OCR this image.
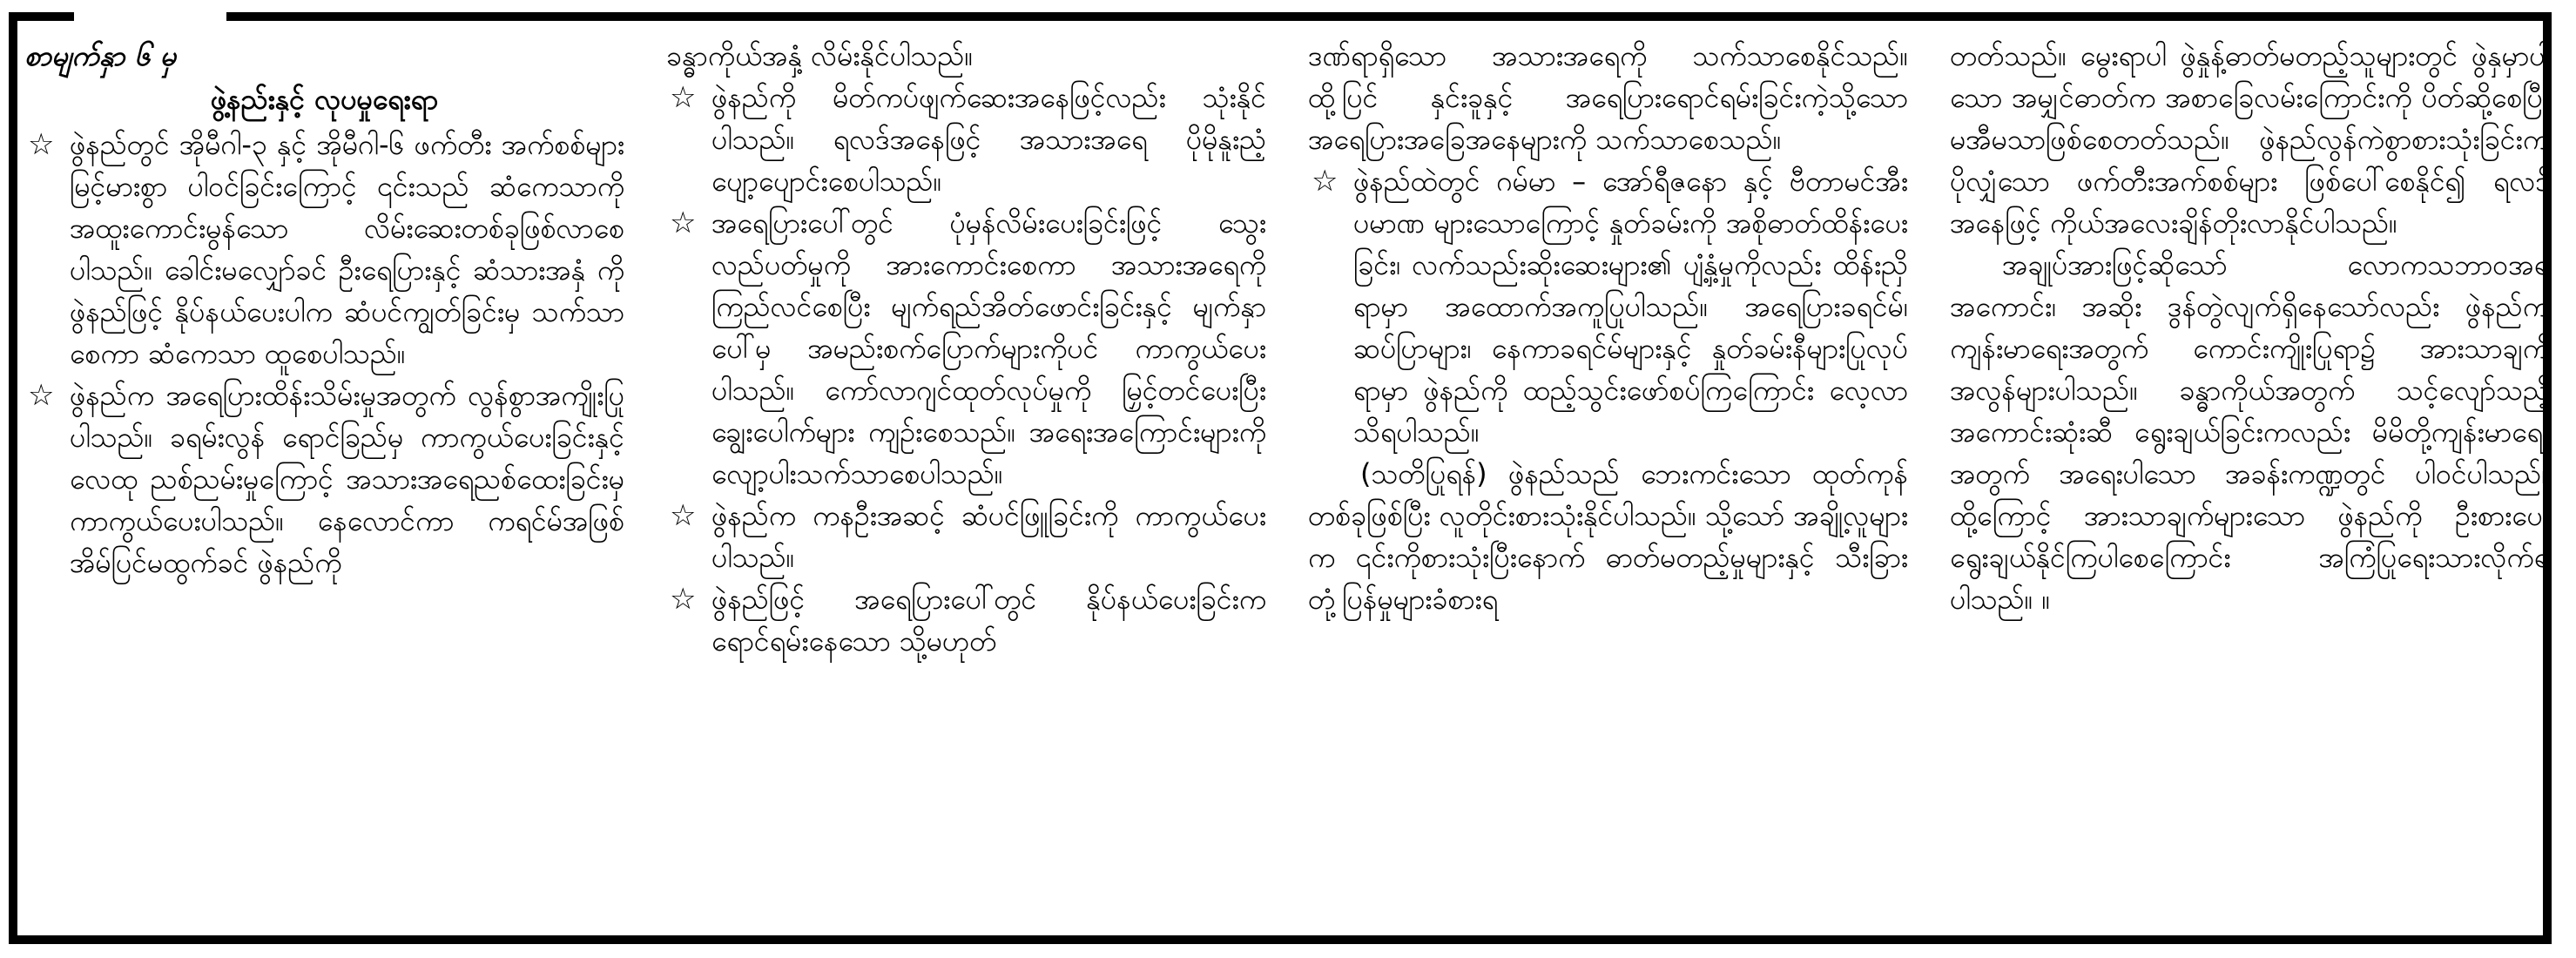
စာမျက်နှာ ၆ မှ
ဖွဲ့နည်းနှင့် လုပမှုရေးရာ
☆ ဖွဲနည်တွင် အိုမီဂါ-၃ နှင့် အိုမီဂါ-၆ ဖက်တီး အက်စစ်များ မြင့်မားစွာ ပါဝင်ခြင်းကြောင့် ၎င်းသည် ဆံကေသာကို အထူးကောင်းမွန်သော လိမ်းဆေးတစ်ခုဖြစ်လာစေပါသည်။ ခေါင်းမလျှော်ခင် ဦးရေပြားနှင့် ဆံသားအနှံ ကို ဖွဲနည်ဖြင့် နိုပ်နယ်ပေးပါက ဆံပင်ကျွတ်ခြင်းမှ သက်သာစေကာ ဆံကေသာ ထူစေပါသည်။
☆ ဖွဲနည်က အရေပြားထိန်းသိမ်းမှုအတွက် လွန်စွာအကျိုးပြုပါသည်။ ခရမ်းလွန် ရောင်ခြည်မှ ကာကွယ်ပေးခြင်းနှင့် လေထု ညစ်ညမ်းမှုကြောင့် အသားအရေညစ်ထေးခြင်းမှ ကာကွယ်ပေးပါသည်။ နေလောင်ကာ ကရင်မ်အဖြစ် အိမ်ပြင်မထွက်ခင် ဖွဲနည်ကို
ခန္ဓာကိုယ်အနှံ့ လိမ်းနိုင်ပါသည်။
☆ ဖွဲနည်ကို မိတ်ကပ်ဖျက်ဆေးအနေဖြင့်လည်း သုံးနိုင်ပါသည်။ ရလဒ်အနေဖြင့် အသားအရေ ပိုမိုနူးညံ့ပျော့ပျောင်းစေပါသည်။
☆ အရေပြားပေါ်တွင် ပုံမှန်လိမ်းပေးခြင်းဖြင့် သွေးလည်ပတ်မှုကို အားကောင်းစေကာ အသားအရေကို ကြည်လင်စေပြီး မျက်ရည်အိတ်ဖောင်းခြင်းနှင့် မျက်နှာပေါ်မှ အမည်းစက်ပြောက်များကိုပင် ကာကွယ်ပေးပါသည်။ ကော်လာဂျင်ထုတ်လုပ်မှုကို မြှင့်တင်ပေးပြီး ချွေးပေါက်များ ကျဉ်းစေသည်။ အရေးအကြောင်းများကို လျော့ပါးသက်သာစေပါသည်။
☆ ဖွဲနည်က ကနဦးအဆင့် ဆံပင်ဖြူခြင်းကို ကာကွယ်ပေးပါသည်။
☆ ဖွဲနည်ဖြင့် အရေပြားပေါ်တွင် နိုပ်နယ်ပေးခြင်းက ရောင်ရမ်းနေသော သို့မဟုတ်
ဒဏ်ရာရှိသော အသားအရေကို သက်သာစေနိုင်သည်။ ထို့ပြင် နှင်းခူနှင့် အရေပြားရောင်ရမ်းခြင်းကဲ့သို့သော အရေပြားအခြေအနေများကို သက်သာစေသည်။
☆ ဖွဲနည်ထဲတွင် ဂမ်မာ – အော်ရီဇနော နှင့် ဗီတာမင်အီးပမာဏ များသောကြောင့် နှုတ်ခမ်းကို အစိုဓာတ်ထိန်းပေးခြင်း၊ လက်သည်းဆိုးဆေးများ၏ ပျံ့နှံ့မှုကိုလည်း ထိန်းညှိရာမှာ အထောက်အကူပြုပါသည်။ အရေပြားခရင်မ်၊ ဆပ်ပြာများ၊ နေကာခရင်မ်များနှင့် နှုတ်ခမ်းနီများပြုလုပ်ရာမှာ ဖွဲနည်ကို ထည့်သွင်းဖော်စပ်ကြကြောင်း လေ့လာသိရပါသည်။
(သတိပြုရန်) ဖွဲနည်သည် ဘေးကင်းသော ထုတ်ကုန်တစ်ခုဖြစ်ပြီး လူတိုင်းစားသုံးနိုင်ပါသည်။ သို့သော် အချို့လူများက ၎င်းကိုစားသုံးပြီးနောက် ဓာတ်မတည့်မှုများနှင့် သီးခြားတုံ့ပြန်မှုများခံစားရ
တတ်သည်။ မွေးရာပါ ဖွဲနှုန့်ဓာတ်မတည့်သူများတွင် ဖွဲနှမှာပါသော အမျှင်ဓာတ်က အစာခြေလမ်းကြောင်းကို ပိတ်ဆို့စေပြီး မအီမသာဖြစ်စေတတ်သည်။ ဖွဲနည်လွန်ကဲစွာစားသုံးခြင်းက ပိုလျှံသော ဖက်တီးအက်စစ်များ ဖြစ်ပေါ်စေနိုင်၍ ရလဒ်အနေဖြင့် ကိုယ်အလေးချိန်တိုးလာနိုင်ပါသည်။
အချုပ်အားဖြင့်ဆိုသော် လောကသဘာဝအရ အကောင်း၊ အဆိုး ဒွန်တွဲလျက်ရှိနေသော်လည်း ဖွဲနည်က ကျန်းမာရေးအတွက် ကောင်းကျိုးပြုရာ၌ အားသာချက် အလွန်များပါသည်။ ခန္ဓာကိုယ်အတွက် သင့်လျော်သည့် အကောင်းဆုံးဆီ ရွေးချယ်ခြင်းကလည်း မိမိတို့ကျန်းမာရေးအတွက် အရေးပါသော အခန်းကဏ္ဍတွင် ပါဝင်ပါသည်။ ထို့ကြောင့် အားသာချက်များသော ဖွဲနည်ကို ဦးစားပေးရွေးချယ်နိုင်ကြပါစေကြောင်း အကြံပြုရေးသားလိုက်ရပါသည်။ ။
